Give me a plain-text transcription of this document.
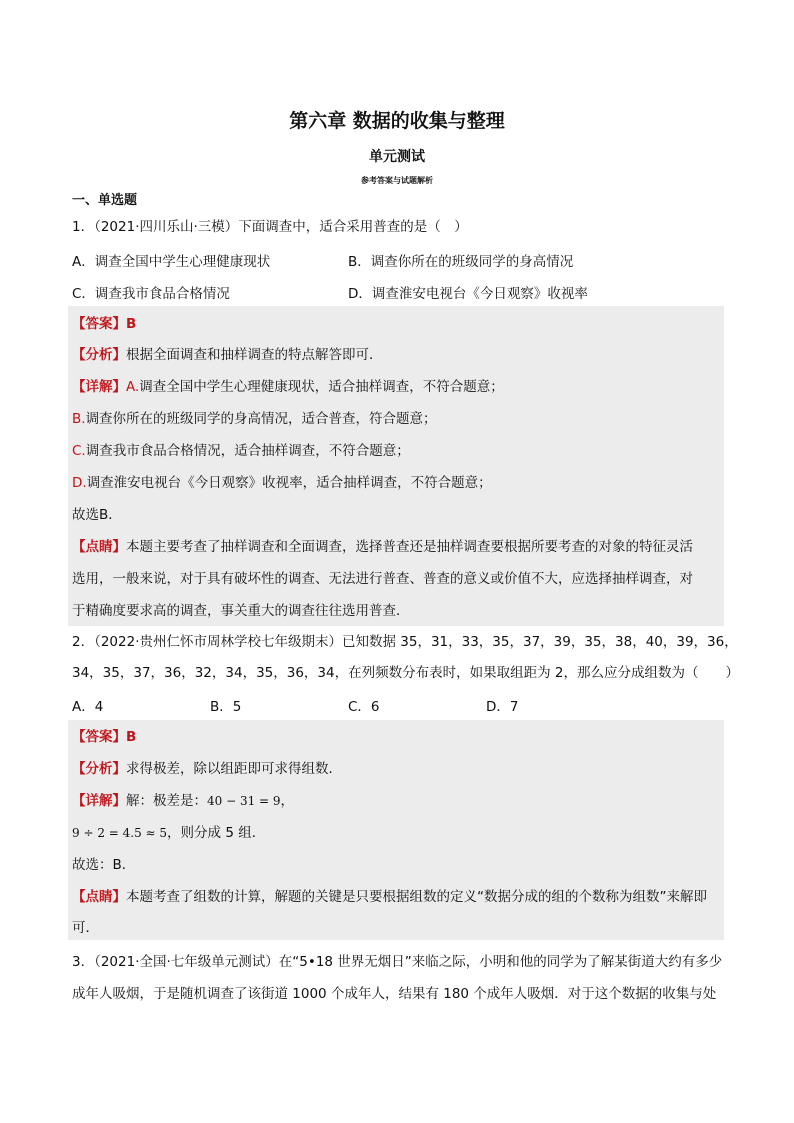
第六章 数据的收集与整理
单元测试
参考答案与试题解析
一、单选题
1．（2021·四川乐山·三模）下面调查中，适合采用普查的是（　）
A．调查全国中学生心理健康现状	B．调查你所在的班级同学的身高情况
C．调查我市食品合格情况	D．调查淮安电视台《今日观察》收视率
【答案】B
【分析】根据全面调查和抽样调查的特点解答即可．
【详解】A.调查全国中学生心理健康现状，适合抽样调查，不符合题意；
B.调查你所在的班级同学的身高情况，适合普查，符合题意；
C.调查我市食品合格情况，适合抽样调查，不符合题意；
D.调查淮安电视台《今日观察》收视率，适合抽样调查，不符合题意；
故选B．
【点睛】本题主要考查了抽样调查和全面调查，选择普查还是抽样调查要根据所要考查的对象的特征灵活
选用，一般来说，对于具有破坏性的调查、无法进行普查、普查的意义或价值不大，应选择抽样调查，对
于精确度要求高的调查，事关重大的调查往往选用普查．
2．（2022·贵州仁怀市周林学校七年级期末）已知数据 35，31，33，35，37，39，35，38，40，39，36，
34，35，37，36，32，34，35，36，34，在列频数分布表时，如果取组距为 2，那么应分成组数为（　　）
A．4	B．5	C．6	D．7
【答案】B
【分析】求得极差，除以组距即可求得组数．
【详解】解：极差是：40 − 31 = 9，
9 ÷ 2 = 4.5 ≈ 5，则分成 5 组．
故选：B．
【点睛】本题考查了组数的计算，解题的关键是只要根据组数的定义“数据分成的组的个数称为组数”来解即
可．
3．（2021·全国·七年级单元测试）在“5•18 世界无烟日”来临之际，小明和他的同学为了解某街道大约有多少
成年人吸烟，于是随机调查了该街道 1000 个成年人，结果有 180 个成年人吸烟．对于这个数据的收集与处
